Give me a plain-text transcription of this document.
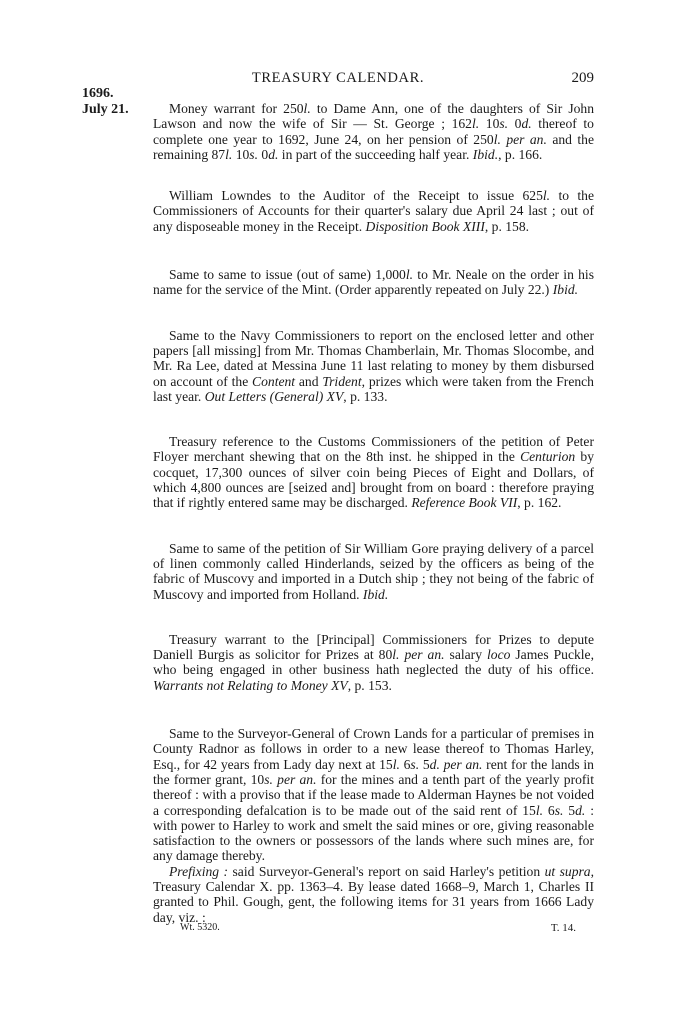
TREASURY CALENDAR.	209
1696.
July 21.	Money warrant for 250l. to Dame Ann, one of the daughters of Sir John Lawson and now the wife of Sir — St. George ; 162l. 10s. 0d. thereof to complete one year to 1692, June 24, on her pension of 250l. per an. and the remaining 87l. 10s. 0d. in part of the succeeding half year. Ibid., p. 166.

William Lowndes to the Auditor of the Receipt to issue 625l. to the Commissioners of Accounts for their quarter's salary due April 24 last ; out of any disposeable money in the Receipt. Disposition Book XIII, p. 158.

Same to same to issue (out of same) 1,000l. to Mr. Neale on the order in his name for the service of the Mint. (Order apparently repeated on July 22.) Ibid.

Same to the Navy Commissioners to report on the enclosed letter and other papers [all missing] from Mr. Thomas Chamberlain, Mr. Thomas Slocombe, and Mr. Ra Lee, dated at Messina June 11 last relating to money by them disbursed on account of the Content and Trident, prizes which were taken from the French last year. Out Letters (General) XV, p. 133.

Treasury reference to the Customs Commissioners of the petition of Peter Floyer merchant shewing that on the 8th inst. he shipped in the Centurion by cocquet, 17,300 ounces of silver coin being Pieces of Eight and Dollars, of which 4,800 ounces are [seized and] brought from on board : therefore praying that if rightly entered same may be discharged. Reference Book VII, p. 162.

Same to same of the petition of Sir William Gore praying delivery of a parcel of linen commonly called Hinderlands, seized by the officers as being of the fabric of Muscovy and imported in a Dutch ship ; they not being of the fabric of Muscovy and imported from Holland. Ibid.

Treasury warrant to the [Principal] Commissioners for Prizes to depute Daniell Burgis as solicitor for Prizes at 80l. per an. salary loco James Puckle, who being engaged in other business hath neglected the duty of his office. Warrants not Relating to Money XV, p. 153.

Same to the Surveyor-General of Crown Lands for a particular of premises in County Radnor as follows in order to a new lease thereof to Thomas Harley, Esq., for 42 years from Lady day next at 15l. 6s. 5d. per an. rent for the lands in the former grant, 10s. per an. for the mines and a tenth part of the yearly profit thereof : with a proviso that if the lease made to Alderman Haynes be not voided a corresponding defalcation is to be made out of the said rent of 15l. 6s. 5d. : with power to Harley to work and smelt the said mines or ore, giving reasonable satisfaction to the owners or possessors of the lands where such mines are, for any damage thereby.

Prefixing : said Surveyor-General's report on said Harley's petition ut supra, Treasury Calendar X. pp. 1363–4. By lease dated 1668–9, March 1, Charles II granted to Phil. Gough, gent, the following items for 31 years from 1666 Lady day, viz. :

Wt. 5320.	T. 14.
